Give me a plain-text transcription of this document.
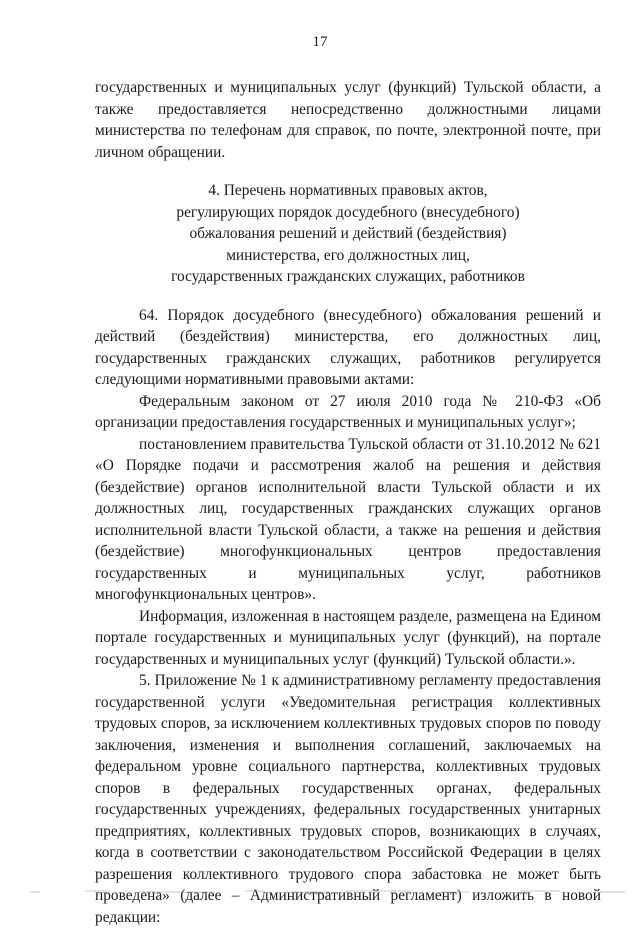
17

государственных и муниципальных услуг (функций) Тульской области, а также предоставляется непосредственно должностными лицами министерства по телефонам для справок, по почте, электронной почте, при личном обращении.

4. Перечень нормативных правовых актов,
регулирующих порядок досудебного (внесудебного)
обжалования решений и действий (бездействия)
министерства, его должностных лиц,
государственных гражданских служащих, работников

64. Порядок досудебного (внесудебного) обжалования решений и действий (бездействия) министерства, его должностных лиц, государственных гражданских служащих, работников регулируется следующими нормативными правовыми актами:

Федеральным законом от 27 июля 2010 года № 210-ФЗ «Об организации предоставления государственных и муниципальных услуг»;

постановлением правительства Тульской области от 31.10.2012 № 621 «О Порядке подачи и рассмотрения жалоб на решения и действия (бездействие) органов исполнительной власти Тульской области и их должностных лиц, государственных гражданских служащих органов исполнительной власти Тульской области, а также на решения и действия (бездействие) многофункциональных центров предоставления государственных и муниципальных услуг, работников многофункциональных центров».

Информация, изложенная в настоящем разделе, размещена на Едином портале государственных и муниципальных услуг (функций), на портале государственных и муниципальных услуг (функций) Тульской области.».

5. Приложение № 1 к административному регламенту предоставления государственной услуги «Уведомительная регистрация коллективных трудовых споров, за исключением коллективных трудовых споров по поводу заключения, изменения и выполнения соглашений, заключаемых на федеральном уровне социального партнерства, коллективных трудовых споров в федеральных государственных органах, федеральных государственных учреждениях, федеральных государственных унитарных предприятиях, коллективных трудовых споров, возникающих в случаях, когда в соответствии с законодательством Российской Федерации в целях разрешения коллективного трудового спора забастовка не может быть проведена» (далее – Административный регламент) изложить в новой редакции:
